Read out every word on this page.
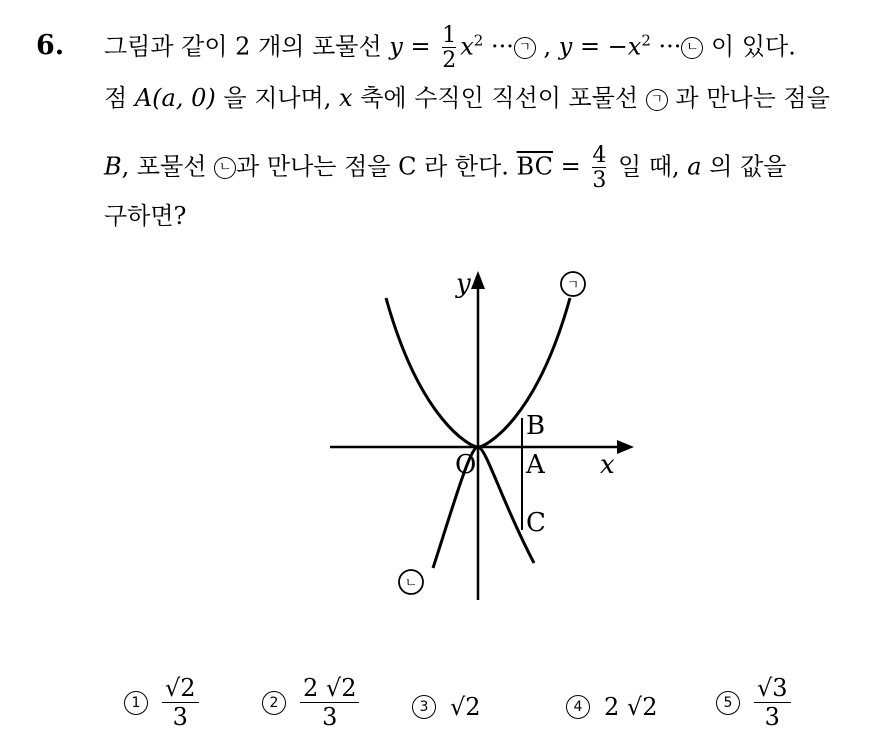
6. 그림과 같이 2 개의 포물선 $y = \frac{1}{2} x^2$ ··· ㄱ , $y = -x^2$ ··· ㄴ 이 있다.
점 A(a, 0) 을 지나며, x 축에 수직인 직선이 포물선 ㄱ 과 만나는 점을
B, 포물선 ㄴ 과 만나는 점을 C 라 한다. $\overline{BC} = \frac{4}{3}$ 일 때, a 의 값을
구하면?
y
x
O
B
A
C
ㄱ
ㄴ
$1 \frac{√2}{3}$	$2 \frac{2 √2}{3}$	3 √2	4 2 √2	$5 \frac{√3}{3}$
